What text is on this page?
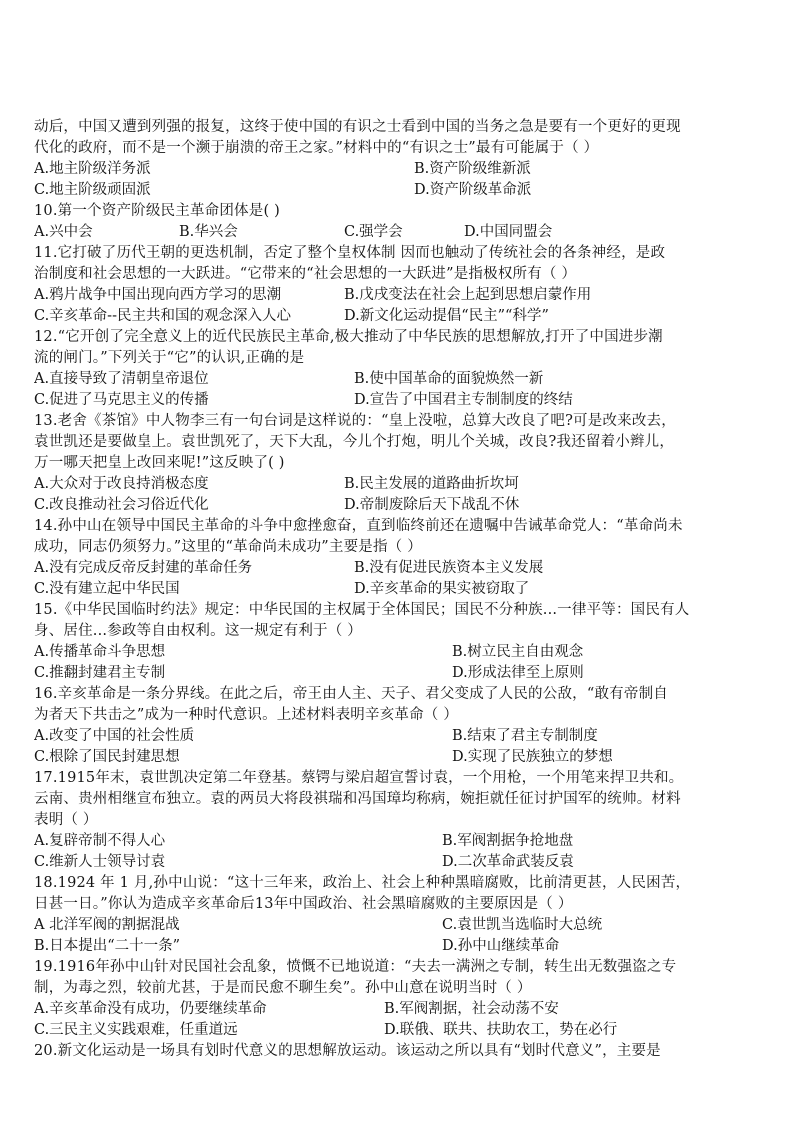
动后，中国又遭到列强的报复，这终于使中国的有识之士看到中国的当务之急是要有一个更好的更现
代化的政府，而不是一个濒于崩溃的帝王之家。”材料中的“有识之士”最有可能属于（ ）
A.地主阶级洋务派	B.资产阶级维新派
C.地主阶级顽固派	D.资产阶级革命派
10.第一个资产阶级民主革命团体是( )
A.兴中会	B.华兴会	C.强学会	D.中国同盟会
11.它打破了历代王朝的更迭机制，否定了整个皇权体制 因而也触动了传统社会的各条神经，是政
治制度和社会思想的一大跃进。“它带来的“社会思想的一大跃进”是指极权所有（ ）
A.鸦片战争中国出现向西方学习的思潮	B.戊戌变法在社会上起到思想启蒙作用
C.辛亥革命--民主共和国的观念深入人心	D.新文化运动提倡“民主”“科学”
12.“它开创了完全意义上的近代民族民主革命,极大推动了中华民族的思想解放,打开了中国进步潮
流的闸门。”下列关于“它”的认识,正确的是
A.直接导致了清朝皇帝退位	B.使中国革命的面貌焕然一新
C.促进了马克思主义的传播	D.宣告了中国君主专制制度的终结
13.老舍《茶馆》中人物李三有一句台词是这样说的：“皇上没啦，总算大改良了吧?可是改来改去，
袁世凯还是要做皇上。袁世凯死了，天下大乱，今儿个打炮，明儿个关城，改良?我还留着小辫儿，
万一哪天把皇上改回来呢!”这反映了( )
A.大众对于改良持消极态度	B.民主发展的道路曲折坎坷
C.改良推动社会习俗近代化	D.帝制废除后天下战乱不休
14.孙中山在领导中国民主革命的斗争中愈挫愈奋，直到临终前还在遗嘱中告诫革命党人：“革命尚未
成功，同志仍须努力。”这里的“革命尚未成功”主要是指（ ）
A.没有完成反帝反封建的革命任务	B.没有促进民族资本主义发展
C.没有建立起中华民国	D.辛亥革命的果实被窃取了
15.《中华民国临时约法》规定：中华民国的主权属于全体国民；国民不分种族...一律平等：国民有人
身、居住...参政等自由权利。这一规定有利于（ ）
A.传播革命斗争思想	B.树立民主自由观念
C.推翻封建君主专制	D.形成法律至上原则
16.辛亥革命是一条分界线。在此之后，帝王由人主、天子、君父变成了人民的公敌，“敢有帝制自
为者天下共击之”成为一种时代意识。上述材料表明辛亥革命（ ）
A.改变了中国的社会性质	B.结束了君主专制制度
C.根除了国民封建思想	D.实现了民族独立的梦想
17.1915年末，袁世凯决定第二年登基。蔡锷与梁启超宣誓讨袁，一个用枪，一个用笔来捍卫共和。
云南、贵州相继宣布独立。袁的两员大将段祺瑞和冯国璋均称病，婉拒就任征讨护国军的统帅。材料
表明（ ）
A.复辟帝制不得人心	B.军阀割据争抢地盘
C.维新人士领导讨袁	D.二次革命武装反袁
18.1924 年 1 月,孙中山说：“这十三年来，政治上、社会上种种黑暗腐败，比前清更甚，人民困苦，
日甚一日。”你认为造成辛亥革命后13年中国政治、社会黑暗腐败的主要原因是（ ）
A 北洋军阀的割据混战	C.袁世凯当选临时大总统
B.日本提出“二十一条”	D.孙中山继续革命
19.1916年孙中山针对民国社会乱象，愤慨不已地说道：“夫去一满洲之专制，转生出无数强盗之专
制，为毒之烈，较前尤甚，于是而民愈不聊生矣”。孙中山意在说明当时（ ）
A.辛亥革命没有成功，仍要继续革命	B.军阀割据，社会动荡不安
C.三民主义实践艰难，任重道远	D.联俄、联共、扶助农工，势在必行
20.新文化运动是一场具有划时代意义的思想解放运动。该运动之所以具有“划时代意义”，主要是
